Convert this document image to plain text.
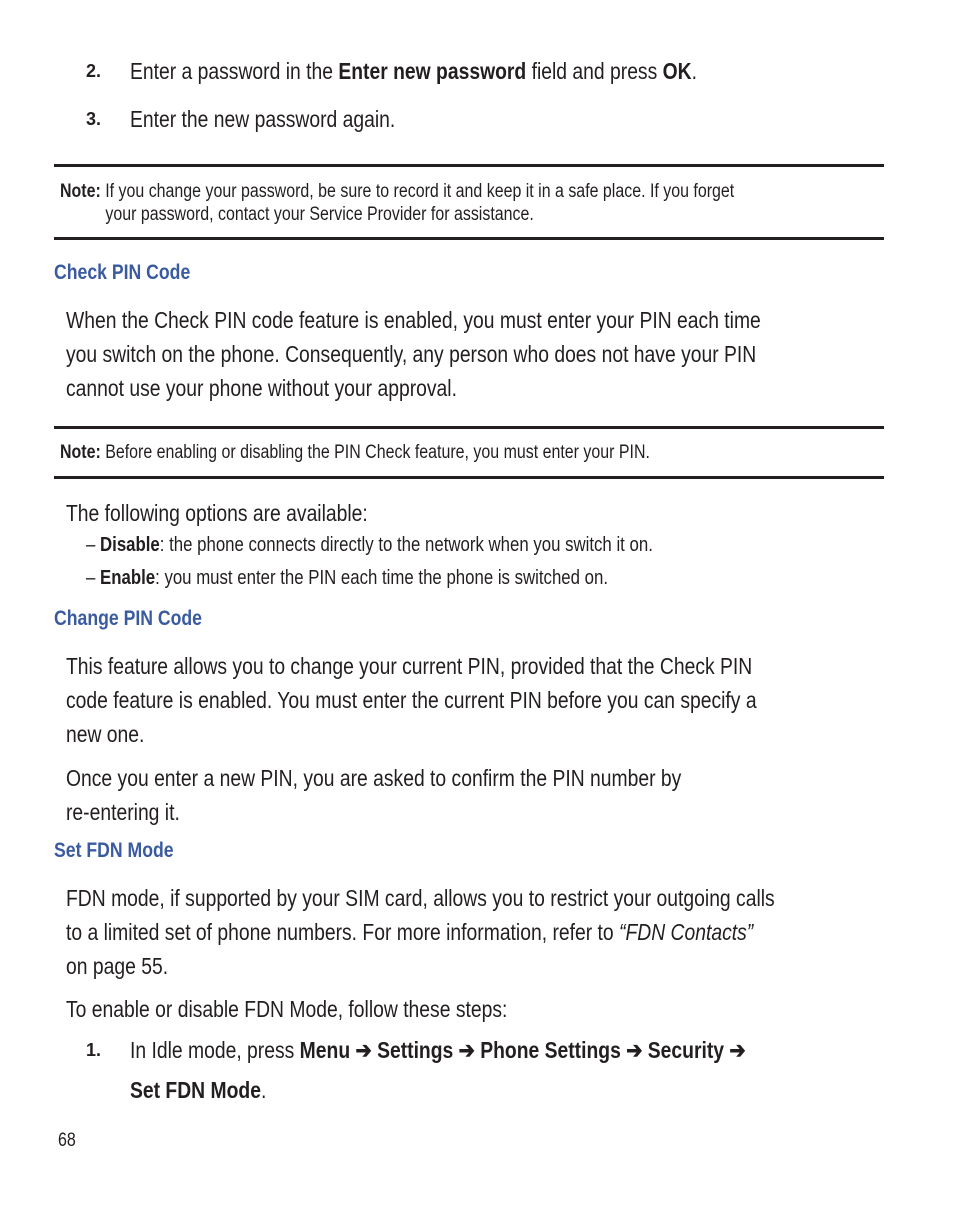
2. Enter a password in the Enter new password field and press OK.
3. Enter the new password again.
Note: If you change your password, be sure to record it and keep it in a safe place. If you forget
your password, contact your Service Provider for assistance.
Check PIN Code
When the Check PIN code feature is enabled, you must enter your PIN each time
you switch on the phone. Consequently, any person who does not have your PIN
cannot use your phone without your approval.
Note: Before enabling or disabling the PIN Check feature, you must enter your PIN.
The following options are available:
– Disable: the phone connects directly to the network when you switch it on.
– Enable: you must enter the PIN each time the phone is switched on.
Change PIN Code
This feature allows you to change your current PIN, provided that the Check PIN
code feature is enabled. You must enter the current PIN before you can specify a
new one.
Once you enter a new PIN, you are asked to confirm the PIN number by
re-entering it.
Set FDN Mode
FDN mode, if supported by your SIM card, allows you to restrict your outgoing calls
to a limited set of phone numbers. For more information, refer to “FDN Contacts”
on page 55.
To enable or disable FDN Mode, follow these steps:
1. In Idle mode, press Menu ➔ Settings ➔ Phone Settings ➔ Security ➔
Set FDN Mode.
68
